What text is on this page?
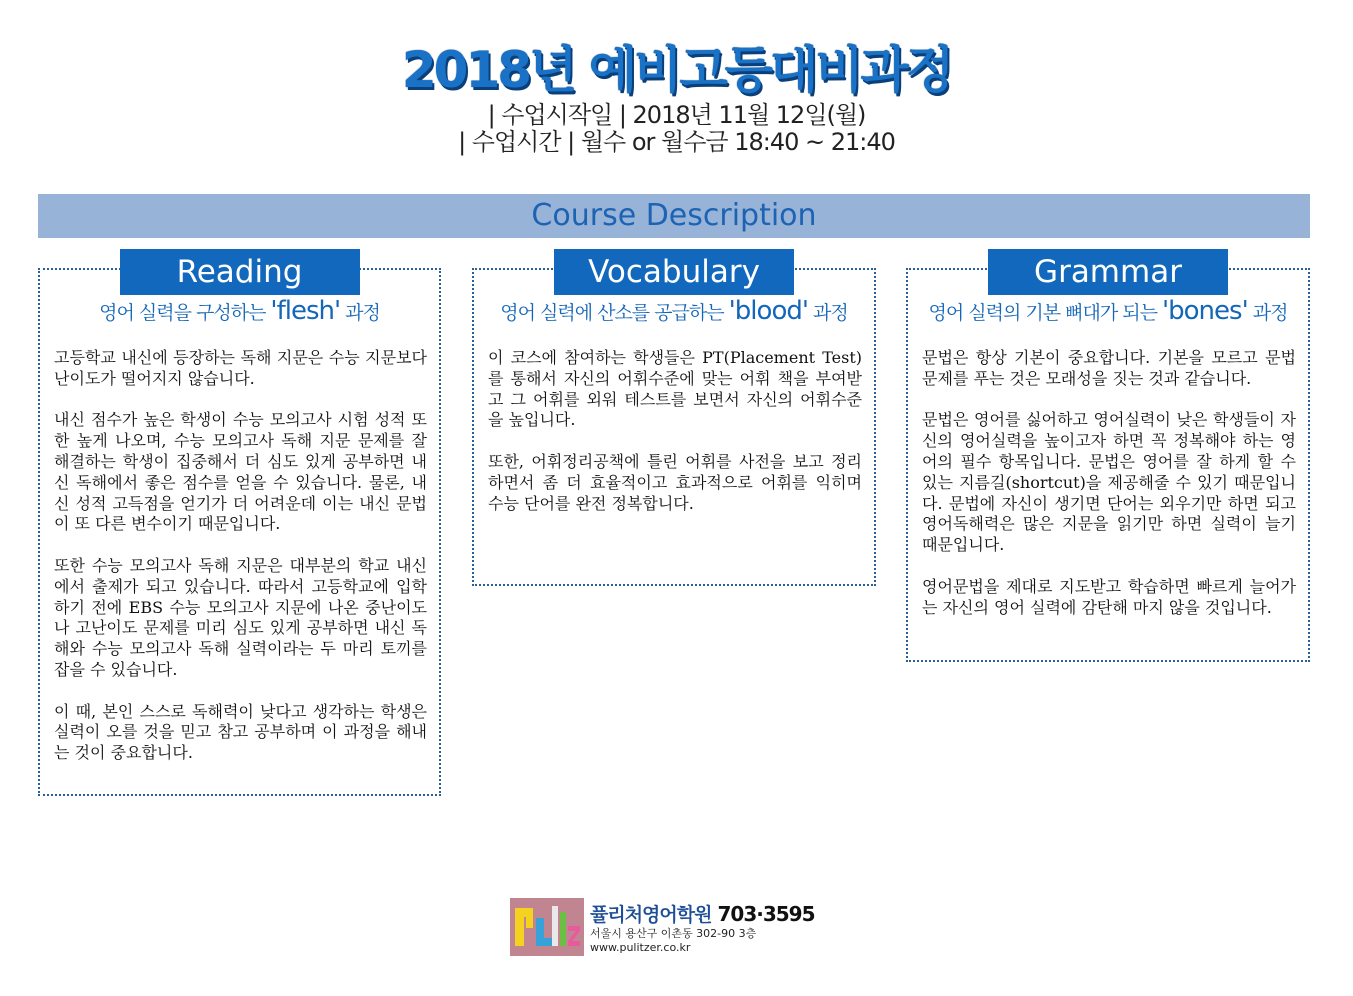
2018년 예비고등대비과정
| 수업시작일 | 2018년 11월 12일(월)
| 수업시간 | 월수 or 월수금 18:40 ~ 21:40
Course Description
Reading
영어 실력을 구성하는 'flesh' 과정

고등학교 내신에 등장하는 독해 지문은 수능 지문보다 난이도가 떨어지지 않습니다.

내신 점수가 높은 학생이 수능 모의고사 시험 성적 또한 높게 나오며, 수능 모의고사 독해 지문 문제를 잘 해결하는 학생이 집중해서 더 심도 있게 공부하면 내신 독해에서 좋은 점수를 얻을 수 있습니다. 물론, 내신 성적 고득점을 얻기가 더 어려운데 이는 내신 문법이 또 다른 변수이기 때문입니다.

또한 수능 모의고사 독해 지문은 대부분의 학교 내신에서 출제가 되고 있습니다. 따라서 고등학교에 입학하기 전에 EBS 수능 모의고사 지문에 나온 중난이도나 고난이도 문제를 미리 심도 있게 공부하면 내신 독해와 수능 모의고사 독해 실력이라는 두 마리 토끼를 잡을 수 있습니다.

이 때, 본인 스스로 독해력이 낮다고 생각하는 학생은 실력이 오를 것을 믿고 참고 공부하며 이 과정을 해내는 것이 중요합니다.

Vocabulary
영어 실력에 산소를 공급하는 'blood' 과정

이 코스에 참여하는 학생들은 PT(Placement Test)를 통해서 자신의 어휘수준에 맞는 어휘 책을 부여받고 그 어휘를 외워 테스트를 보면서 자신의 어휘수준을 높입니다.

또한, 어휘정리공책에 틀린 어휘를 사전을 보고 정리하면서 좀 더 효율적이고 효과적으로 어휘를 익히며 수능 단어를 완전 정복합니다.

Grammar
영어 실력의 기본 뼈대가 되는 'bones' 과정

문법은 항상 기본이 중요합니다. 기본을 모르고 문법문제를 푸는 것은 모래성을 짓는 것과 같습니다.

문법은 영어를 싫어하고 영어실력이 낮은 학생들이 자신의 영어실력을 높이고자 하면 꼭 정복해야 하는 영어의 필수 항목입니다. 문법은 영어를 잘 하게 할 수 있는 지름길(shortcut)을 제공해줄 수 있기 때문입니다. 문법에 자신이 생기면 단어는 외우기만 하면 되고 영어독해력은 많은 지문을 읽기만 하면 실력이 늘기 때문입니다.

영어문법을 제대로 지도받고 학습하면 빠르게 늘어가는 자신의 영어 실력에 감탄해 마지 않을 것입니다.

퓰리처영어학원 703·3595
서울시 용산구 이촌동 302-90 3층
www.pulitzer.co.kr
